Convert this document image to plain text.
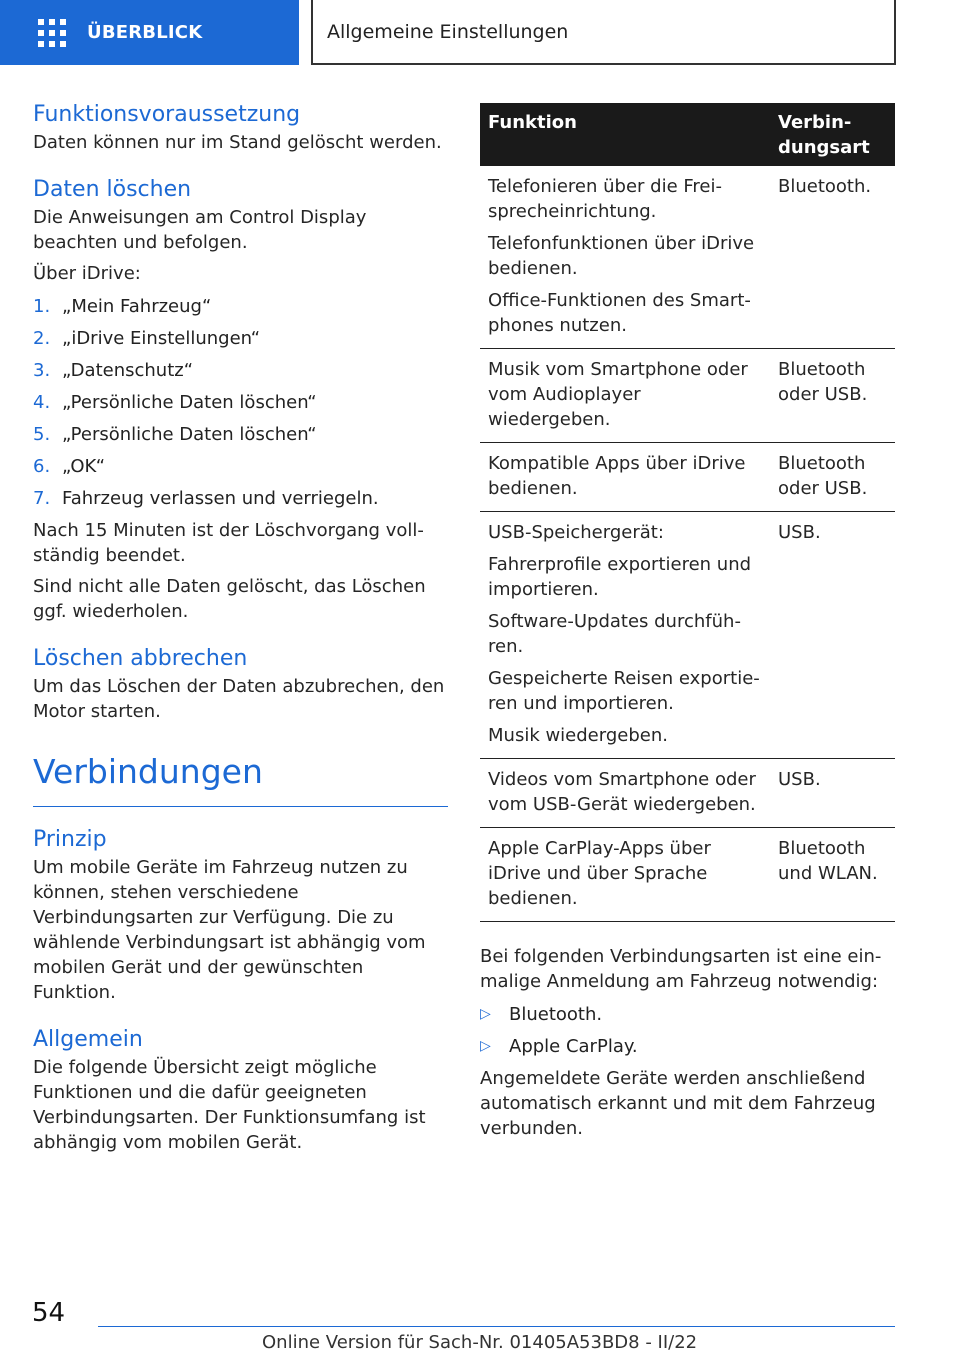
ÜBERBLICK	Allgemeine Einstellungen
Funktionsvoraussetzung

Daten können nur im Stand gelöscht werden.

Daten löschen

Die Anweisungen am Control Display beachten und befolgen.

Über iDrive:

1. „Mein Fahrzeug“
2. „iDrive Einstellungen“
3. „Datenschutz“
4. „Persönliche Daten löschen“
5. „Persönliche Daten löschen“
6. „OK“
7. Fahrzeug verlassen und verriegeln.

Nach 15 Minuten ist der Löschvorgang vollständig beendet.

Sind nicht alle Daten gelöscht, das Löschen ggf. wiederholen.

Löschen abbrechen

Um das Löschen der Daten abzubrechen, den Motor starten.

Verbindungen
Prinzip

Um mobile Geräte im Fahrzeug nutzen zu können, stehen verschiedene Verbindungsarten zur Verfügung. Die zu wählende Verbindungsart ist abhängig vom mobilen Gerät und der gewünschten Funktion.

Allgemein

Die folgende Übersicht zeigt mögliche Funktionen und die dafür geeigneten Verbindungsarten. Der Funktionsumfang ist abhängig vom mobilen Gerät.

Funktion	Verbindungsart

Telefonieren über die Freisprecheinrichtung.
Telefonfunktionen über iDrive bedienen.
Office-Funktionen des Smartphones nutzen.	Bluetooth.

Musik vom Smartphone oder vom Audioplayer wiedergeben.	Bluetooth oder USB.

Kompatible Apps über iDrive bedienen.	Bluetooth oder USB.

USB-Speichergerät:
Fahrerprofile exportieren und importieren.
Software-Updates durchführen.
Gespeicherte Reisen exportieren und importieren.
Musik wiedergeben.	USB.

Videos vom Smartphone oder vom USB-Gerät wiedergeben.	USB.

Apple CarPlay-Apps über iDrive und über Sprache bedienen.	Bluetooth und WLAN.

Bei folgenden Verbindungsarten ist eine einmalige Anmeldung am Fahrzeug notwendig:

▷	Bluetooth.
▷	Apple CarPlay.

Angemeldete Geräte werden anschließend automatisch erkannt und mit dem Fahrzeug verbunden.

54
Online Version für Sach-Nr. 01405A53BD8 - II/22
